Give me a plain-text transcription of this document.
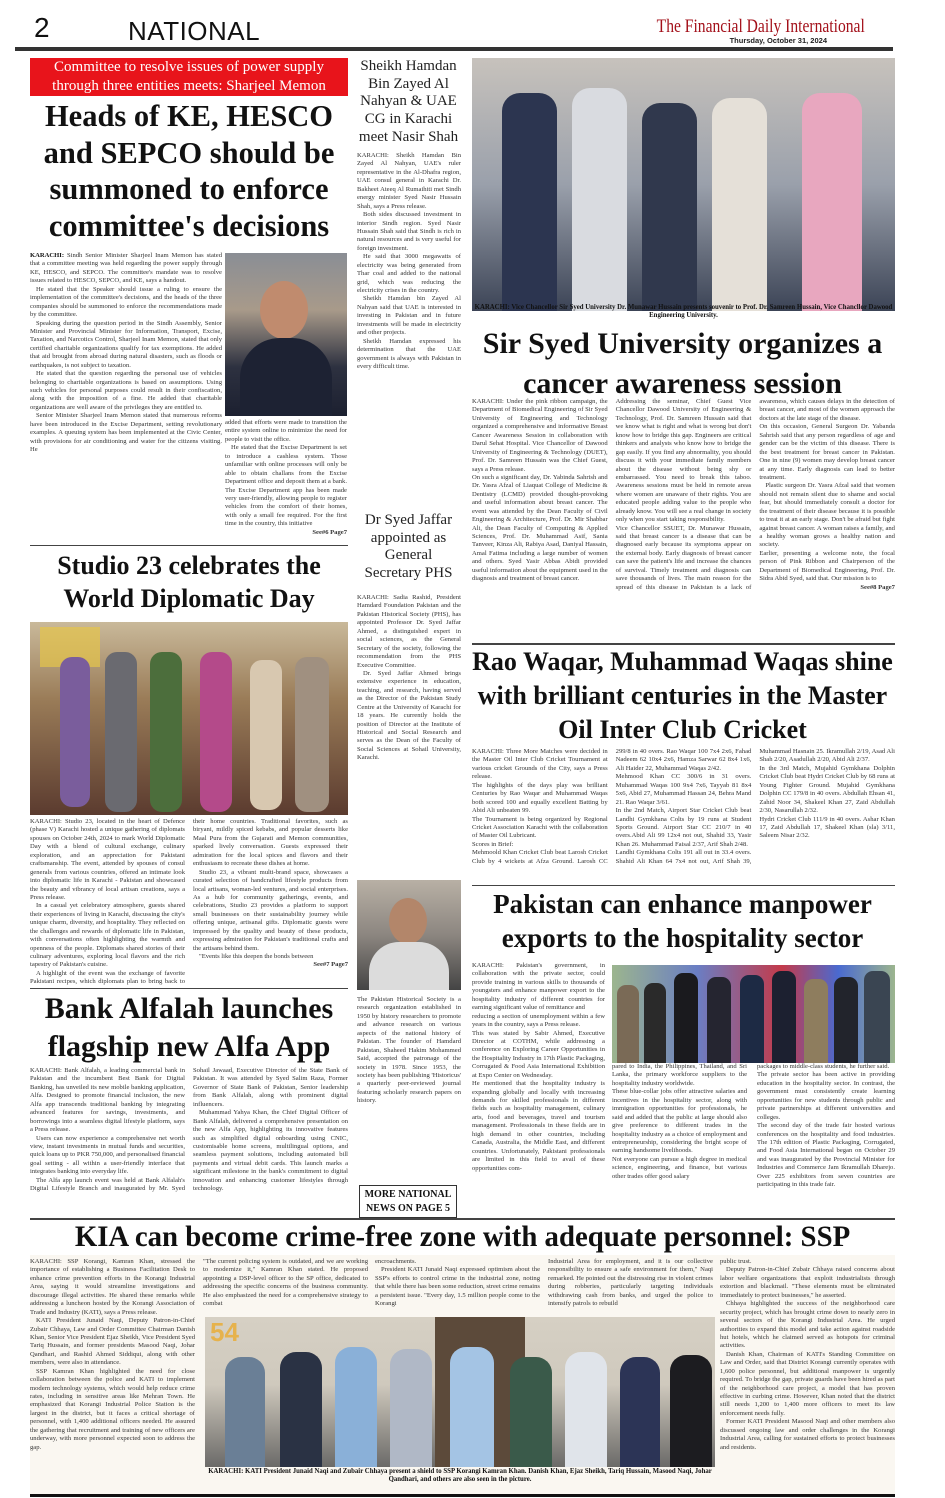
2	NATIONAL	The Financial Daily International
Thursday, October 31, 2024
Committee to resolve issues of power supply through three entities meets: Sharjeel Memon
Heads of KE, HESCO and SEPCO should be summoned to enforce committee's decisions

KARACHI: Sindh Senior Minister Sharjeel Inam Memon has stated that a committee meeting was held regarding the power supply through KE, HESCO, and SEPCO. The committee's mandate was to resolve issues related to HESCO, SEPCO, and KE, says a handout.

He stated that the Speaker should issue a ruling to ensure the implementation of the committee's decisions, and the heads of the three companies should be summoned to enforce the recommendations made by the committee.

Speaking during the question period in the Sindh Assembly, Senior Minister and Provincial Minister for Information, Transport, Excise, Taxation, and Narcotics Control, Sharjeel Inam Memon, stated that only certified charitable organizations qualify for tax exemptions. He added that aid brought from abroad during natural disasters, such as floods or earthquakes, is not subject to taxation.

He stated that the question regarding the personal use of vehicles belonging to charitable organizations is based on assumptions. Using such vehicles for personal purposes could result in their confiscation, along with the imposition of a fine. He added that charitable organizations are well aware of the privileges they are entitled to.

Senior Minister Sharjeel Inam Memon stated that numerous reforms have been introduced in the Excise Department, setting revolutionary examples. A queuing system has been implemented at the Civic Center, with provisions for air conditioning and water for the citizens visiting. He

added that efforts were made to transition the entire system online to minimize the need for people to visit the office.

He stated that the Excise Department is set to introduce a cashless system. Those unfamiliar with online processes will only be able to obtain challans from the Excise Department office and deposit them at a bank. The Excise Department app has been made very user-friendly, allowing people to register vehicles from the comfort of their homes, with only a small fee required. For the first time in the country, this initiative

See#6 Page7
Studio 23 celebrates the World Diplomatic Day

KARACHI: Studio 23, located in the heart of Defence (phase V) Karachi hosted a unique gathering of diplomats spouses on October 24th, 2024 to mark World Diplomatic Day with a blend of cultural exchange, culinary exploration, and an appreciation for Pakistani craftsmanship. The event, attended by spouses of consul generals from various countries, offered an intimate look into diplomatic life in Karachi - Pakistan and showcased the beauty and vibrancy of local artisan creations, says a Press release.

In a casual yet celebratory atmosphere, guests shared their experiences of living in Karachi, discussing the city's unique charm, diversity, and hospitality. They reflected on the challenges and rewards of diplomatic life in Pakistan, with conversations often highlighting the warmth and openness of the people. Diplomats shared stories of their culinary adventures, exploring local flavors and the rich tapestry of Pakistan's cuisine.

A highlight of the event was the exchange of favorite Pakistani recipes, which diplomats plan to bring back to their home countries. Traditional favorites, such as biryani, mildly spiced kebabs, and popular desserts like Maal Pura from the Gujarati and Memon communities, sparked lively conversation. Guests expressed their admiration for the local spices and flavors and their enthusiasm to recreate these dishes at home.

Studio 23, a vibrant multi-brand space, showcases a curated selection of handcrafted lifestyle products from local artisans, woman-led ventures, and social enterprises. As a hub for community gatherings, events, and celebrations, Studio 23 provides a platform to support small businesses on their sustainability journey while offering unique, artisanal gifts. Diplomatic guests were impressed by the quality and beauty of these products, expressing admiration for Pakistan's traditional crafts and the artisans behind them.

"Events like this deepen the bonds between

See#7 Page7
Bank Alfalah launches flagship new Alfa App

KARACHI: Bank Alfalah, a leading commercial bank in Pakistan and the incumbent Best Bank for Digital Banking, has unveiled its new mobile banking application, Alfa. Designed to promote financial inclusion, the new Alfa app transcends traditional banking by integrating advanced features for savings, investments, and borrowings into a seamless digital lifestyle platform, says a Press release.

Users can now experience a comprehensive net worth view, instant investments in mutual funds and securities, quick loans up to PKR 750,000, and personalised financial goal setting - all within a user-friendly interface that integrates banking into everyday life.

The Alfa app launch event was held at Bank Alfalah's Digital Lifestyle Branch and inaugurated by Mr. Syed Sohail Jawaad, Executive Director of the State Bank of Pakistan. It was attended by Syed Salim Raza, Former Governor of State Bank of Pakistan, Senior leadership from Bank Alfalah, along with prominent digital influencers.

Muhammad Yahya Khan, the Chief Digital Officer of Bank Alfalah, delivered a comprehensive presentation on the new Alfa App, highlighting its innovative features such as simplified digital onboarding using CNIC, customisable home screens, multilingual options, and seamless payment solutions, including automated bill payments and virtual debit cards. This launch marks a significant milestone in the bank's commitment to digital innovation and enhancing customer lifestyles through technology.

Sheikh Hamdan Bin Zayed Al Nahyan & UAE CG in Karachi meet Nasir Shah

KARACHI: Sheikh Hamdan Bin Zayed Al Nahyan, UAE's ruler representative in the Al-Dhafra region, UAE consul general in Karachi Dr. Bakheet Ateeq Al Rumaihiti met Sindh energy minister Syed Nasir Hussain Shah, says a Press release.

Both sides discussed investment in interior Sindh region. Syed Nasir Hussain Shah said that Sindh is rich in natural resources and is very useful for foreign investment.

He said that 3000 megawatts of electricity was being generated from Thar coal and added to the national grid, which was reducing the electricity crises in the country.

Sheikh Hamdan bin Zayed Al Nahyan said that UAE is interested in investing in Pakistan and in future investments will be made in electricity and other projects.

Sheikh Hamdan expressed his determination that the UAE government is always with Pakistan in every difficult time.

Dr Syed Jaffar appointed as General Secretary PHS

KARACHI: Sadia Rashid, President Hamdard Foundation Pakistan and the Pakistan Historical Society (PHS), has appointed Professor Dr. Syed Jaffar Ahmed, a distinguished expert in social sciences, as the General Secretary of the society, following the recommendation from the PHS Executive Committee.

Dr. Syed Jaffar Ahmed brings extensive experience in education, teaching, and research, having served as the Director of the Pakistan Study Centre at the University of Karachi for 18 years. He currently holds the position of Director at the Institute of Historical and Social Research and serves as the Dean of the Faculty of Social Sciences at Sohail University, Karachi.

The Pakistan Historical Society is a research organization established in 1950 by history researchers to promote and advance research on various aspects of the national history of Pakistan. The founder of Hamdard Pakistan, Shaheed Hakim Mohammed Said, accepted the patronage of the society in 1978. Since 1953, the society has been publishing 'Historicus' a quarterly peer-reviewed journal featuring scholarly research papers on history.

MORE NATIONAL NEWS ON PAGE 5
KARACHI: Vice Chancellor Sir Syed University Dr. Munawar Hussain presents souvenir to Prof. Dr. Samreen Hussain, Vice Chancllor Dawood Engineering University.
Sir Syed University organizes a cancer awareness session

KARACHI: Under the pink ribbon campaign, the Department of Biomedical Engineering of Sir Syed University of Engineering and Technology organized a comprehensive and informative Breast Cancer Awareness Session in collaboration with Darul Sehat Hospital. Vice Chancellor of Dawood University of Engineering & Technology (DUET), Prof. Dr. Samreen Hussain was the Chief Guest, says a Press release.

On such a significant day, Dr. Yabinda Sahrish and Dr. Yasra Afzal of Liaquat College of Medicine & Dentistry (LCMD) provided thought-provoking and useful information about breast cancer. The event was attended by the Dean Faculty of Civil Engineering & Architecture, Prof. Dr. Mir Shabbar Ali, the Dean Faculty of Computing & Applied Sciences, Prof. Dr. Muhammad Asif, Sania Tanveer, Kinza Ali, Rabiya Asad, Daniyal Hassain, Amal Fatima including a large number of women and others. Syed Yasir Abbas Abidi provided useful information about the equipment used in the diagnosis and treatment of breast cancer.

Addressing the seminar, Chief Guest Vice Chancellor Dawood University of Engineering & Technology, Prof. Dr. Samreen Hussain said that we know what is right and what is wrong but don't know how to bridge this gap. Engineers are critical thinkers and analysts who know how to bridge the gap easily. If you find any abnormality, you should discuss it with your immediate family members about the disease without being shy or embarrassed. You need to break this taboo. Awareness sessions must be held in remote areas where women are unaware of their rights. You are educated people adding value to the people who already know. You will see a real change in society only when you start taking responsibility.

Vice Chancellor SSUET, Dr. Munawar Hussain, said that breast cancer is a disease that can be diagnosed early because its symptoms appear on the external body. Early diagnosis of breast cancer can save the patient's life and increase the chances of survival. Timely treatment and diagnosis can save thousands of lives. The main reason for the spread of this disease in Pakistan is a lack of awareness, which causes delays in the detection of breast cancer, and most of the women approach the doctors at the late stage of the disease.

On this occasion, General Surgeon Dr. Yabanda Sahrish said that any person regardless of age and gender can be the victim of this disease. There is the best treatment for breast cancer in Pakistan. One in nine (9) women may develop breast cancer at any time. Early diagnosis can lead to better treatment.

Plastic surgeon Dr. Yasra Afzal said that women should not remain silent due to shame and social fear, but should immediately consult a doctor for the treatment of their disease because it is possible to treat it at an early stage. Don't be afraid but fight against breast cancer. A woman raises a family, and a healthy woman grows a healthy nation and society.

Earlier, presenting a welcome note, the focal person of Pink Ribbon and Chairperson of the Department of Biomedical Engineering, Prof. Dr. Sidra Abid Syed, said that. Our mission is to

See#8 Page7
Rao Waqar, Muhammad Waqas shine with brilliant centuries in the Master Oil Inter Club Cricket

KARACHI: Three More Matches were decided in the Master Oil Inter Club Cricket Tournament at various cricket Grounds of the City, says a Press release.

The highlights of the days play was brilliant Centuries by Rao Waqar and Muhammad Waqas both scored 100 and equally excellent Batting by Abid Ali unbeaten 99.

The Tournament is being organized by Regional Cricket Association Karachi with the collaboration of Master Oil Lubricant.

Scores in Brief:

Mehmoold Khan Cricket Club beat Larosh Cricket Club by 4 wickets at Afza Ground. Larosh CC 299/8 in 40 overs. Rao Waqar 100 7x4 2x6, Fahad Nadeem 62 10x4 2x6, Hamza Sarwar 62 8x4 1x6, Ali Haider 22, Muhammad Waqas 2/42.

Mehmood Khan CC 300/6 in 31 overs. Muhammad Waqas 100 9x4 7x6, Tayyab 81 8x4 5x6, Abid 27, Muhammad Hassan 24, Behra Mand 21. Rao Waqar 3/61.

In the 2nd Match, Airport Star Cricket Club beat Landhi Gymkhana Colts by 19 runs at Student Sports Ground. Airport Star CC 210/7 in 40 overs.Abid Ali 99 12x4 not out, Shahid 33, Yasir Khan 26. Muhammad Faisal 2/37, Arif Shah 2/48.

Landhi Gymkhana Colts 191 all out in 33.4 overs. Shahid Ali Khan 64 7x4 not out, Arif Shah 39, Muhammad Hasnain 25. Ikramullah 2/19, Asad Ali Shah 2/20, Asadullah 2/20, Abid Ali 2/37.

In the 3rd Match, Mujahid Gymkhana Dolphin Cricket Club beat Hydri Cricket Club by 68 runs at Young Fighter Ground. Mujahid Gymkhana Dolphin CC 179/8 in 40 overs. Abdullah Ehsan 41, Zahid Noor 34, Shakeel Khan 27, Zaid Abdullah 2/30, Nasarullah 2/32.

Hydri Cricket Club 111/9 in 40 overs. Ashar Khan 17, Zaid Abdullah 17, Shakeel Khan (sla) 3/11, Saleem Nisar 2/32.

Pakistan can enhance manpower exports to the hospitality sector

KARACHI: Pakistan's government, in collaboration with the private sector, could provide training in various skills to thousands of youngsters and enhance manpower export to the hospitality industry of different countries for earning significant value of remittance and

reducing a section of unemployment within a few years in the country, says a Press release.

This was stated by Sabir Ahmed, Executive Director at COTHM, while addressing a conference on Exploring Career Opportunities in the Hospitality Industry in 17th Plastic Packaging, Corrugated & Food Asia International Exhibition at Expo Center on Wednesday.

He mentioned that the hospitality industry is expanding globally and locally with increasing demands for skilled professionals in different fields such as hospitality management, culinary arts, food and beverages, travel and tourism management. Professionals in these fields are in high demand in other countries, including Canada, Australia, the Middle East, and different countries. Unfortunately, Pakistani professionals are limited in this field to avail of these opportunities com-

pared to India, the Philippines, Thailand, and Sri Lanka, the primary workforce suppliers to the hospitality industry worldwide.

These blue-collar jobs offer attractive salaries and incentives in the hospitality sector, along with immigration opportunities for professionals, he said and added that the public at large should also give preference to different trades in the hospitality industry as a choice of employment and entrepreneurship, considering the bright scope of earning handsome livelihoods.

Not everyone can pursue a high degree in medical science, engineering, and finance, but various other trades offer good salary

packages to middle-class students, he further said.

The private sector has been active in providing education in the hospitality sector. In contrast, the government must consistently create learning opportunities for new students through public and private partnerships at different universities and colleges.

The second day of the trade fair hosted various conferences on the hospitality and food industries. The 17th edition of Plastic Packaging, Corrugated, and Food Asia International began on October 29 and was inaugurated by the Provincial Minister for Industries and Commerce Jam Ikramullah Dharejo. Over 225 exhibitors from seven countries are participating in this trade fair.

KIA can become crime-free zone with adequate personnel: SSP

KARACHI: SSP Korangi, Kamran Khan, stressed the importance of establishing a Business Facilitation Desk to enhance crime prevention efforts in the Korangi Industrial Area, saying it would streamline investigations and discourage illegal activities. He shared these remarks while addressing a luncheon hosted by the Korangi Association of Trade and Industry (KATI), says a Press release.

KATI President Junaid Naqi, Deputy Patron-in-Chief Zubair Chhaya, Law and Order Committee Chairman Danish Khan, Senior Vice President Ejaz Sheikh, Vice President Syed Tariq Hussain, and former presidents Masood Naqi, Johar Qandhari, and Rashid Ahmed Siddiqui, along with other members, were also in attendance.

SSP Kamran Khan highlighted the need for close collaboration between the police and KATI to implement modern technology systems, which would help reduce crime rates, including in sensitive areas like Mehran Town. He emphasized that Korangi Industrial Police Station is the largest in the district, but it faces a critical shortage of personnel, with 1,400 additional officers needed. He assured the gathering that recruitment and training of new officers are underway, with more personnel expected soon to address the gap.

"The current policing system is outdated, and we are working to modernize it," Kamran Khan stated. He proposed appointing a DSP-level officer to the SP office, dedicated to addressing the specific concerns of the business community. He also emphasized the need for a comprehensive strategy to combat

encroachments.

President KATI Junaid Naqi expressed optimism about the SSP's efforts to control crime in the industrial zone, noting that while there has been some reduction, street crime remains a persistent issue. "Every day, 1.5 million people come to the Korangi

Industrial Area for employment, and it is our collective responsibility to ensure a safe environment for them," Naqi remarked. He pointed out the distressing rise in violent crimes during robberies, particularly targeting individuals withdrawing cash from banks, and urged the police to intensify patrols to rebuild

public trust.

Deputy Patron-in-Chief Zubair Chhaya raised concerns about labor welfare organizations that exploit industrialists through extortion and blackmail. "These elements must be eliminated immediately to protect businesses," he asserted.

Chhaya highlighted the success of the neighborhood care security project, which has brought crime down to nearly zero in several sectors of the Korangi Industrial Area. He urged authorities to expand this model and take action against roadside hut hotels, which he claimed served as hotspots for criminal activities.

Danish Khan, Chairman of KATI's Standing Committee on Law and Order, said that District Korangi currently operates with 1,600 police personnel, but additional manpower is urgently required. To bridge the gap, private guards have been hired as part of the neighborhood care project, a model that has proven effective in curbing crime. However, Khan noted that the district still needs 1,200 to 1,400 more officers to meet its law enforcement needs fully.

Former KATI President Masood Naqi and other members also discussed ongoing law and order challenges in the Korangi Industrial Area, calling for sustained efforts to protect businesses and residents.

54
KARACHI: KATI President Junaid Naqi and Zubair Chhaya present a shield to SSP Korangi Kamran Khan. Danish Khan, Ejaz Sheikh, Tariq Hussain, Masood Naqi, Johar Qandhari, and others are also seen in the picture.
